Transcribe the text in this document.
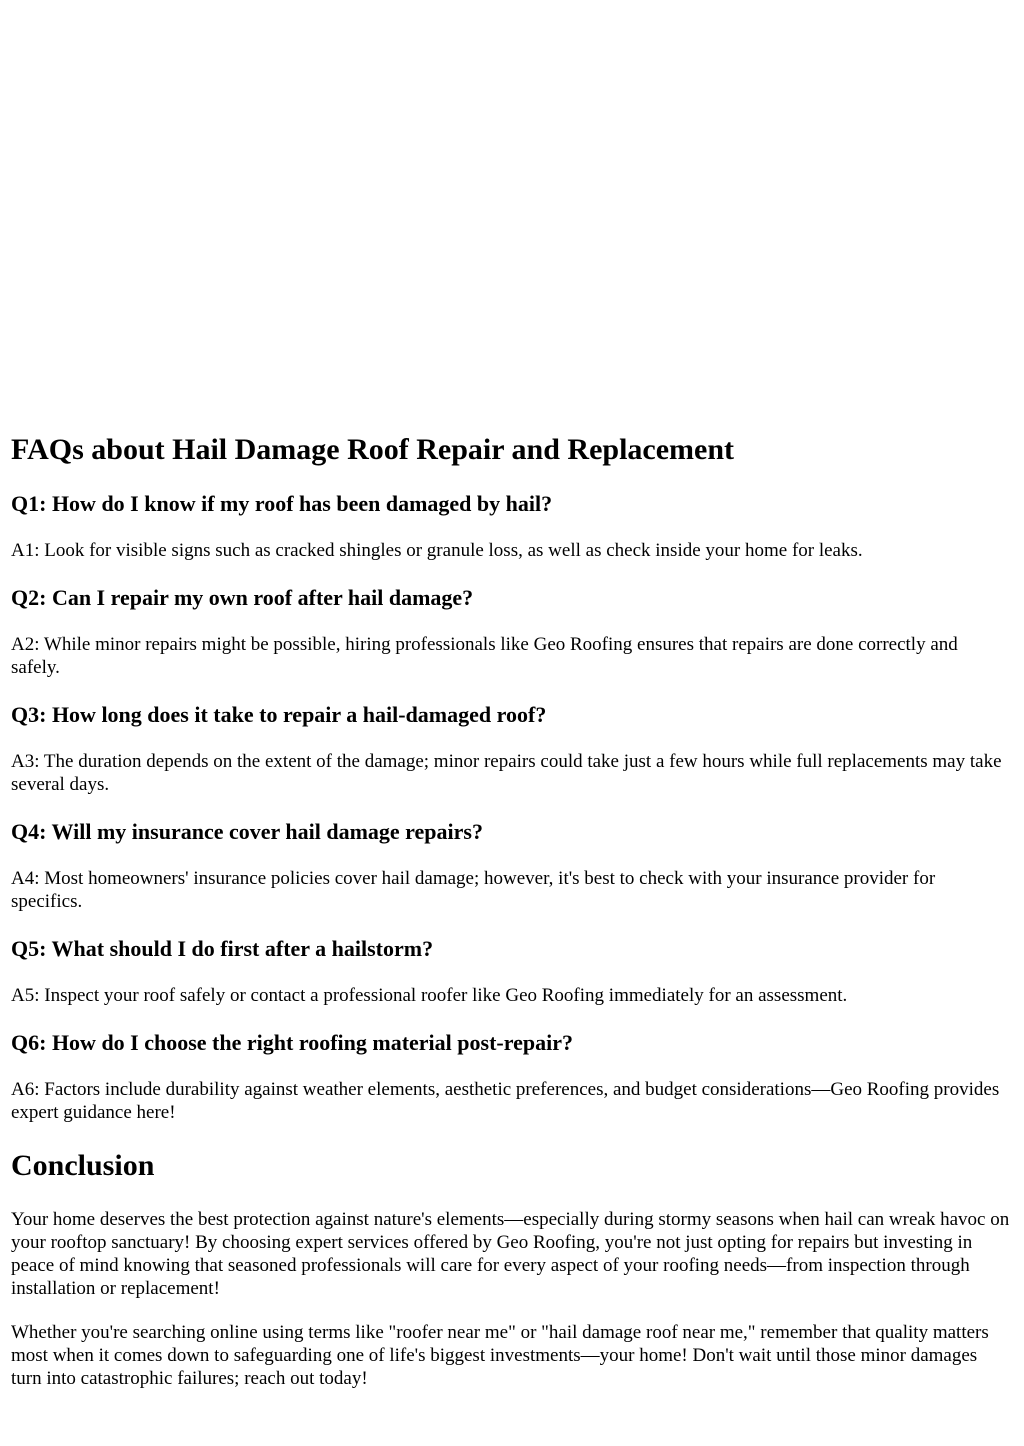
FAQs about Hail Damage Roof Repair and Replacement
Q1: How do I know if my roof has been damaged by hail?

A1: Look for visible signs such as cracked shingles or granule loss, as well as check inside your home for leaks.

Q2: Can I repair my own roof after hail damage?

A2: While minor repairs might be possible, hiring professionals like Geo Roofing ensures that repairs are done correctly and safely.

Q3: How long does it take to repair a hail-damaged roof?

A3: The duration depends on the extent of the damage; minor repairs could take just a few hours while full replacements may take several days.

Q4: Will my insurance cover hail damage repairs?

A4: Most homeowners' insurance policies cover hail damage; however, it's best to check with your insurance provider for specifics.

Q5: What should I do first after a hailstorm?

A5: Inspect your roof safely or contact a professional roofer like Geo Roofing immediately for an assessment.

Q6: How do I choose the right roofing material post-repair?

A6: Factors include durability against weather elements, aesthetic preferences, and budget considerations—Geo Roofing provides expert guidance here!

Conclusion

Your home deserves the best protection against nature's elements—especially during stormy seasons when hail can wreak havoc on your rooftop sanctuary! By choosing expert services offered by Geo Roofing, you're not just opting for repairs but investing in peace of mind knowing that seasoned professionals will care for every aspect of your roofing needs—from inspection through installation or replacement!

Whether you're searching online using terms like "roofer near me" or "hail damage roof near me," remember that quality matters most when it comes down to safeguarding one of life's biggest investments—your home! Don't wait until those minor damages turn into catastrophic failures; reach out today!
